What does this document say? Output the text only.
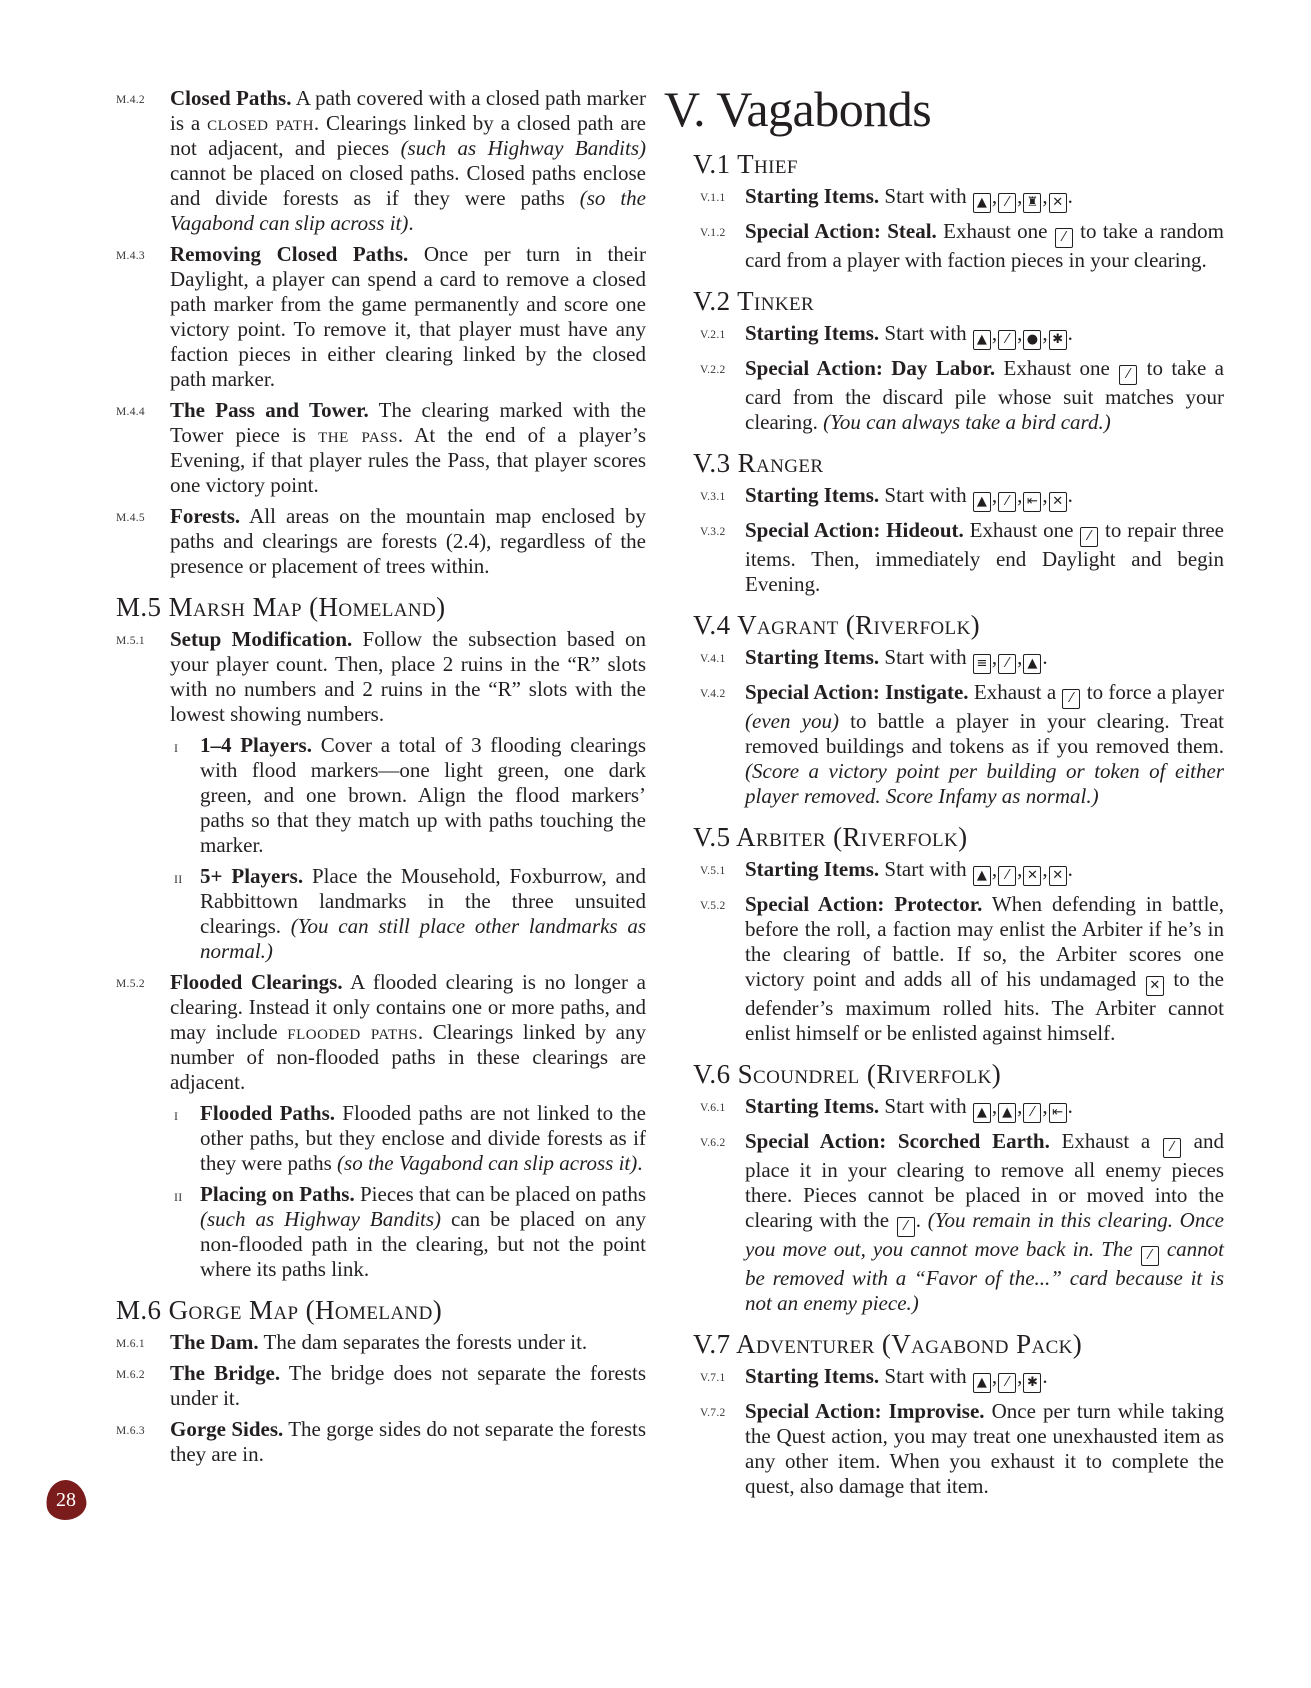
M.4.2 Closed Paths. A path covered with a closed path marker is a closed path. Clearings linked by a closed path are not adjacent, and pieces (such as Highway Bandits) cannot be placed on closed paths. Closed paths enclose and divide forests as if they were paths (so the Vagabond can slip across it).
M.4.3 Removing Closed Paths. Once per turn in their Daylight, a player can spend a card to remove a closed path marker from the game permanently and score one victory point. To remove it, that player must have any faction pieces in either clearing linked by the closed path marker.
M.4.4 The Pass and Tower. The clearing marked with the Tower piece is the pass. At the end of a player’s Evening, if that player rules the Pass, that player scores one victory point.
M.4.5 Forests. All areas on the mountain map enclosed by paths and clearings are forests (2.4), regardless of the presence or placement of trees within.
M.5 Marsh Map (Homeland)
M.5.1 Setup Modification. Follow the subsection based on your player count. Then, place 2 ruins in the “R” slots with no numbers and 2 ruins in the “R” slots with the lowest showing numbers.
I 1–4 Players. Cover a total of 3 flooding clearings with flood markers—one light green, one dark green, and one brown. Align the flood markers’ paths so that they match up with paths touching the marker.
II 5+ Players. Place the Mousehold, Foxburrow, and Rabbittown landmarks in the three unsuited clearings. (You can still place other landmarks as normal.)
M.5.2 Flooded Clearings. A flooded clearing is no longer a clearing. Instead it only contains one or more paths, and may include flooded paths. Clearings linked by any number of non-flooded paths in these clearings are adjacent.
I Flooded Paths. Flooded paths are not linked to the other paths, but they enclose and divide forests as if they were paths (so the Vagabond can slip across it).
II Placing on Paths. Pieces that can be placed on paths (such as Highway Bandits) can be placed on any non-flooded path in the clearing, but not the point where its paths link.
M.6 Gorge Map (Homeland)
M.6.1 The Dam. The dam separates the forests under it.
M.6.2 The Bridge. The bridge does not separate the forests under it.
M.6.3 Gorge Sides. The gorge sides do not separate the forests they are in.
V. Vagabonds
V.1 Thief
V.1.1 Starting Items. Start with ▲ , ⁄ , ♜ , ✕ .
V.1.2 Special Action: Steal. Exhaust one ⁄ to take a random card from a player with faction pieces in your clearing.
V.2 Tinker
V.2.1 Starting Items. Start with ▲ , ⁄ , ● , ✱ .
V.2.2 Special Action: Day Labor. Exhaust one ⁄ to take a card from the discard pile whose suit matches your clearing. (You can always take a bird card.)
V.3 Ranger
V.3.1 Starting Items. Start with ▲ , ⁄ , ⇤ , ✕ .
V.3.2 Special Action: Hideout. Exhaust one ⁄ to repair three items. Then, immediately end Daylight and begin Evening.
V.4 Vagrant (Riverfolk)
V.4.1 Starting Items. Start with ≡ , ⁄ , ▲ .
V.4.2 Special Action: Instigate. Exhaust a ⁄ to force a player (even you) to battle a player in your clearing. Treat removed buildings and tokens as if you removed them. (Score a victory point per building or token of either player removed. Score Infamy as normal.)
V.5 Arbiter (Riverfolk)
V.5.1 Starting Items. Start with ▲ , ⁄ , ✕ , ✕ .
V.5.2 Special Action: Protector. When defending in battle, before the roll, a faction may enlist the Arbiter if he’s in the clearing of battle. If so, the Arbiter scores one victory point and adds all of his undamaged ✕ to the defender’s maximum rolled hits. The Arbiter cannot enlist himself or be enlisted against himself.
V.6 Scoundrel (Riverfolk)
V.6.1 Starting Items. Start with ▲ , ▲ , ⁄ , ⇤ .
V.6.2 Special Action: Scorched Earth. Exhaust a ⁄ and place it in your clearing to remove all enemy pieces there. Pieces cannot be placed in or moved into the clearing with the ⁄ . (You remain in this clearing. Once you move out, you cannot move back in. The ⁄ cannot be removed with a “Favor of the...” card because it is not an enemy piece.)
V.7 Adventurer (Vagabond Pack)
V.7.1 Starting Items. Start with ▲ , ⁄ , ✱ .
V.7.2 Special Action: Improvise. Once per turn while taking the Quest action, you may treat one unexhausted item as any other item. When you exhaust it to complete the quest, also damage that item.
28
